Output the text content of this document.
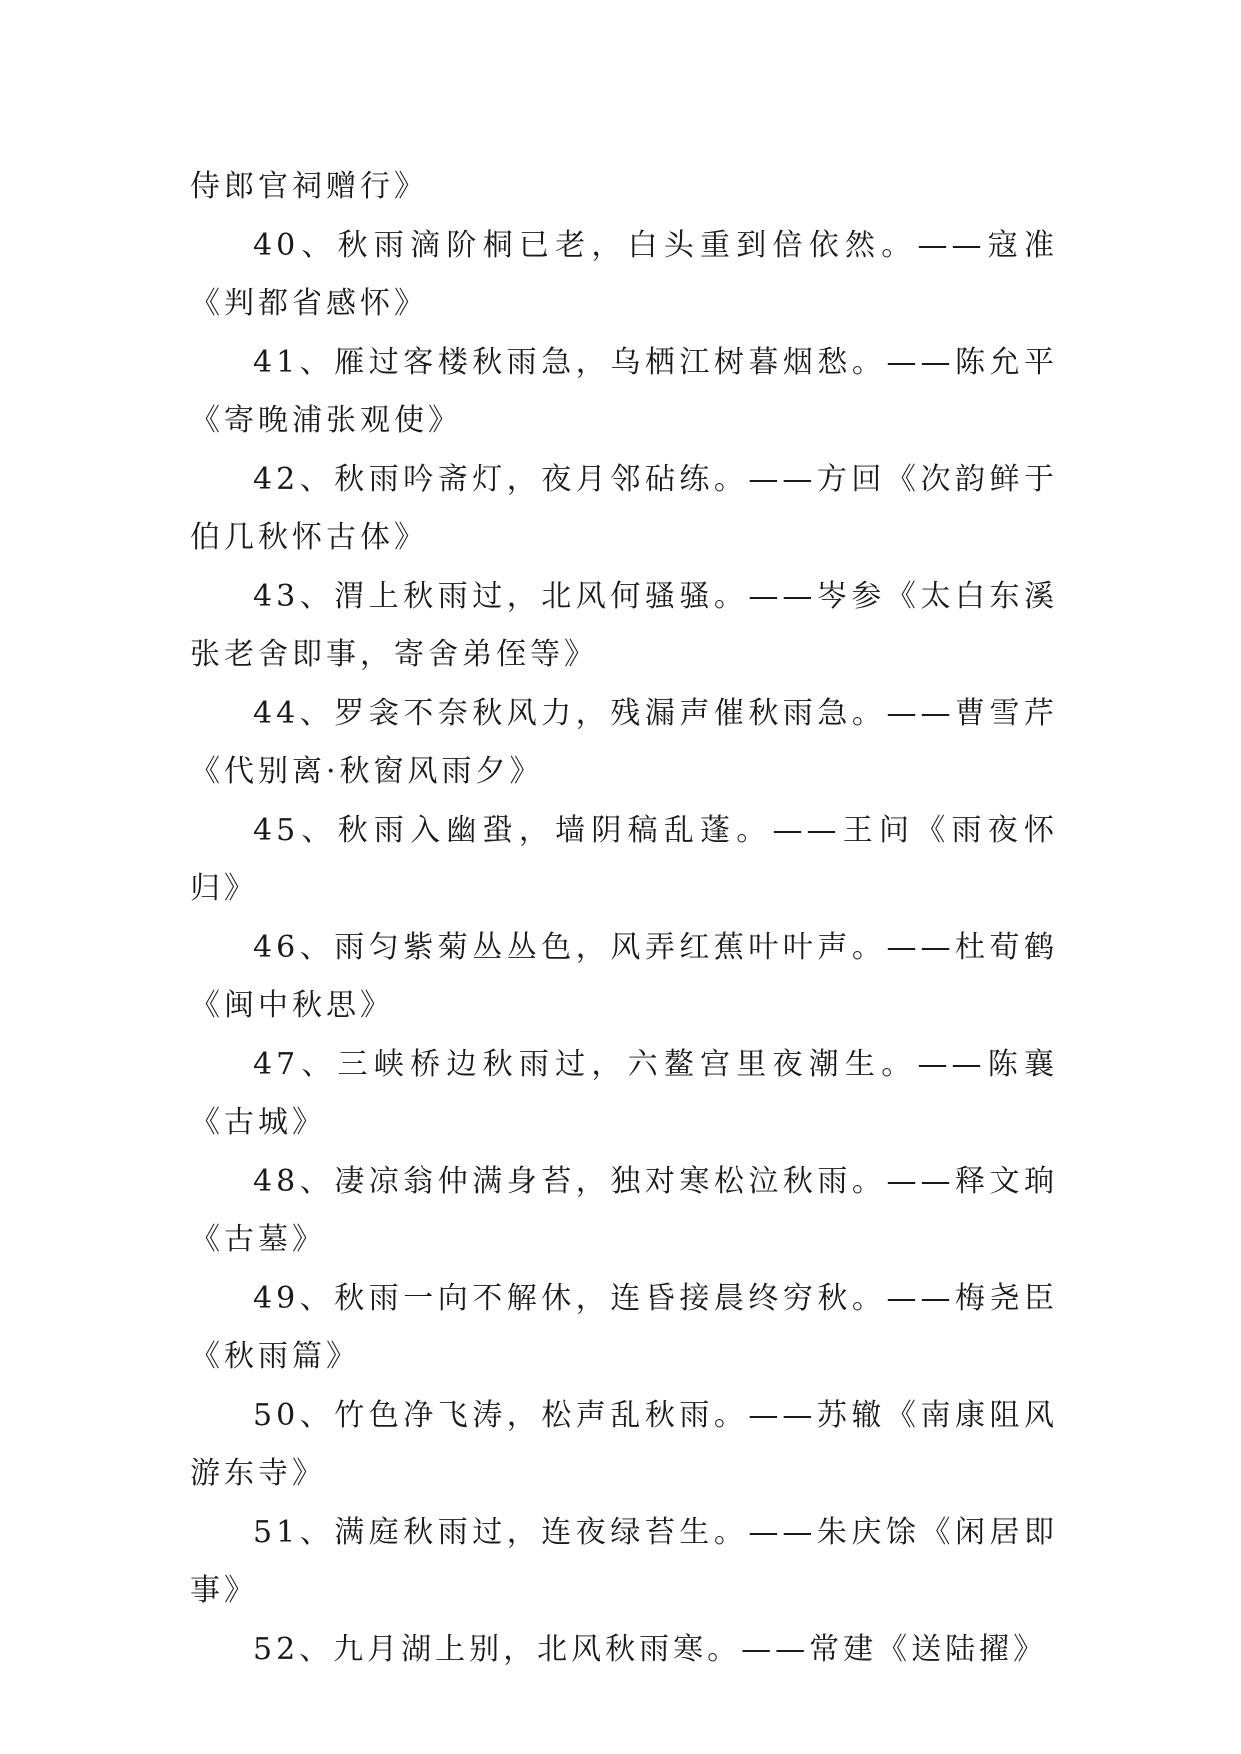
侍郎官祠赠行》

40、秋雨滴阶桐已老，白头重到倍依然。——寇准《判都省感怀》

41、雁过客楼秋雨急，乌栖江树暮烟愁。——陈允平《寄晚浦张观使》

42、秋雨吟斋灯，夜月邻砧练。——方回《次韵鲜于伯几秋怀古体》

43、渭上秋雨过，北风何骚骚。——岑参《太白东溪张老舍即事，寄舍弟侄等》

44、罗衾不奈秋风力，残漏声催秋雨急。——曹雪芹《代别离·秋窗风雨夕》

45、秋雨入幽蛩，墙阴稿乱蓬。——王问《雨夜怀归》

46、雨匀紫菊丛丛色，风弄红蕉叶叶声。——杜荀鹤《闽中秋思》

47、三峡桥边秋雨过，六鳌宫里夜潮生。——陈襄《古城》

48、凄凉翁仲满身苔，独对寒松泣秋雨。——释文珦《古墓》

49、秋雨一向不解休，连昏接晨终穷秋。——梅尧臣《秋雨篇》

50、竹色净飞涛，松声乱秋雨。——苏辙《南康阻风游东寺》

51、满庭秋雨过，连夜绿苔生。——朱庆馀《闲居即事》

52、九月湖上别，北风秋雨寒。——常建《送陆擢》
